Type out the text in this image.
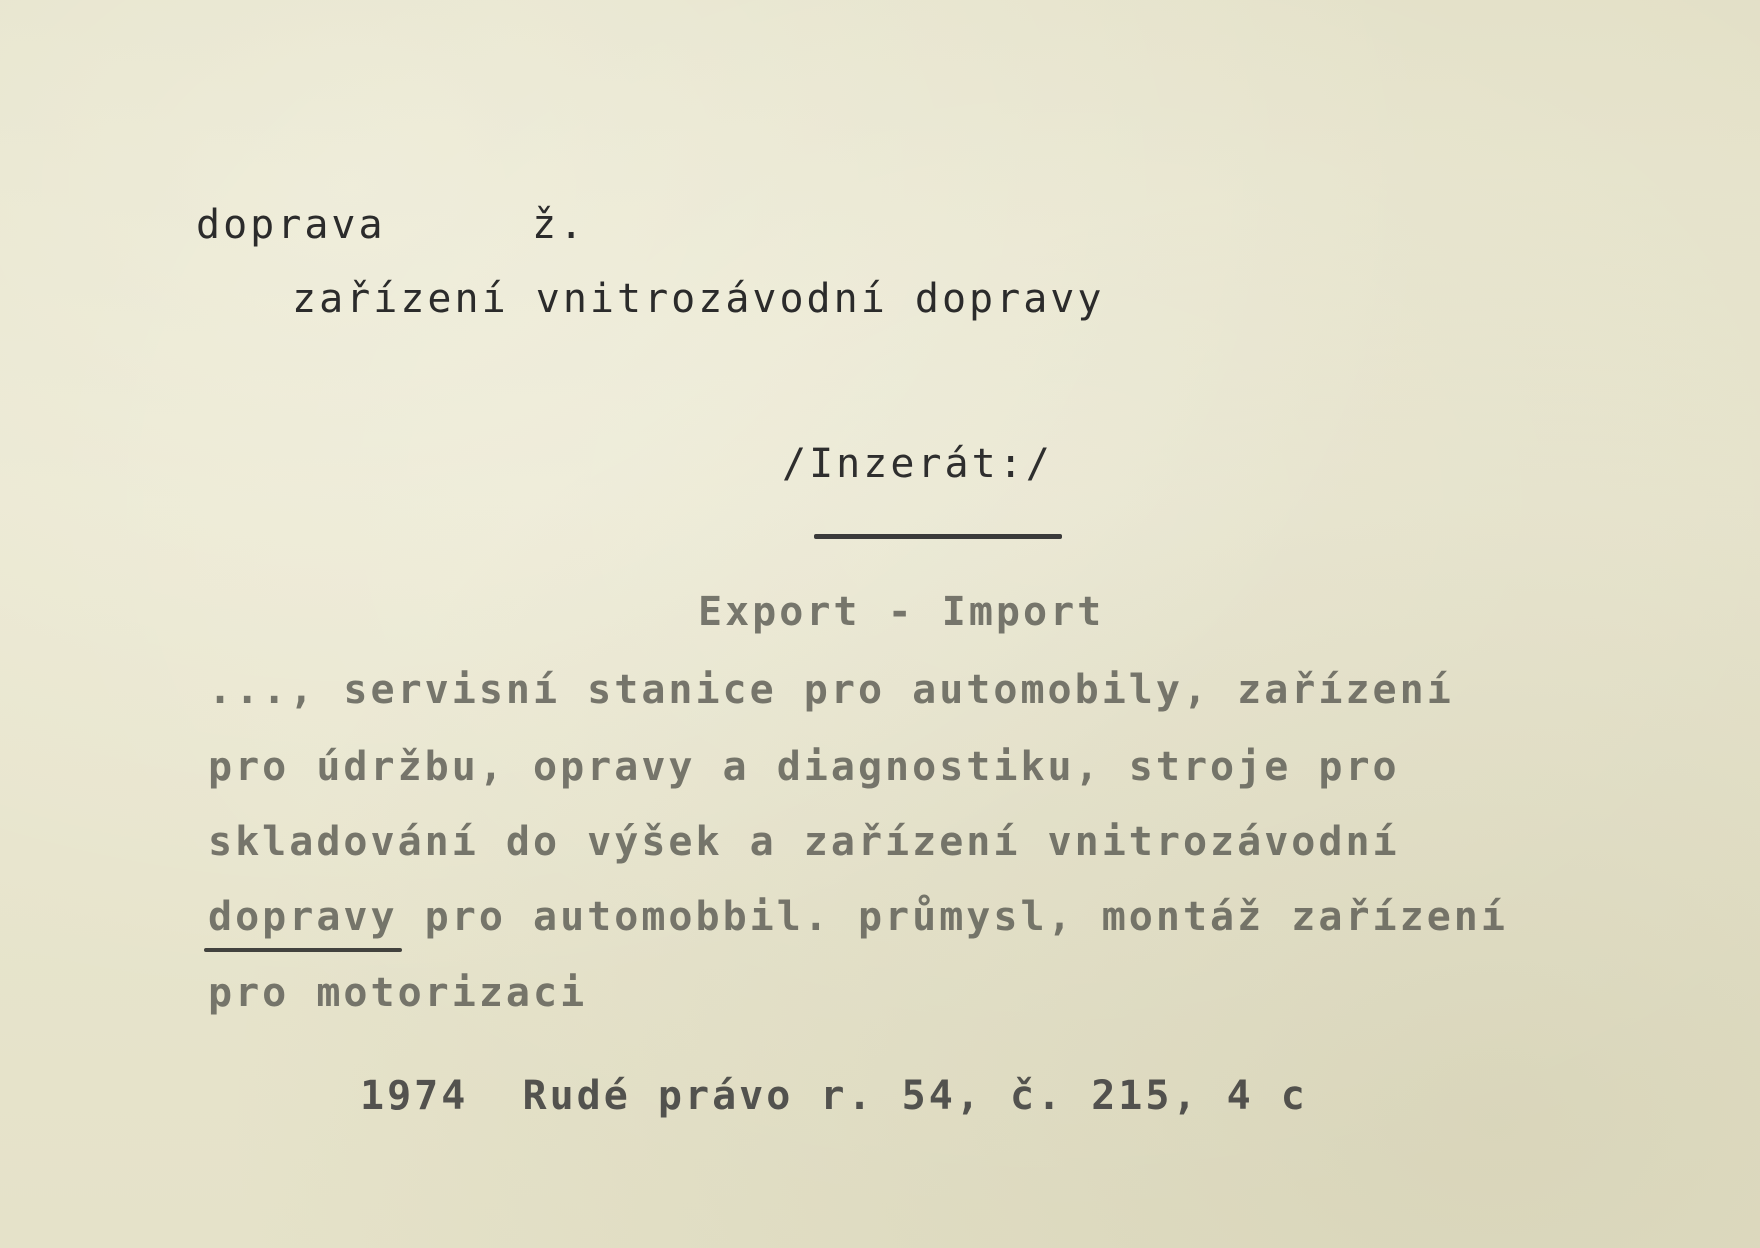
doprava	ž.
zařízení vnitrozávodní dopravy
/Inzerát:/
Export - Import
..., servisní stanice pro automobily, zařízení
pro údržbu, opravy a diagnostiku, stroje pro
skladování do výšek a zařízení vnitrozávodní
dopravy pro automobbil. průmysl, montáž zařízení
pro motorizaci
1974  Rudé právo r. 54, č. 215, 4 c
